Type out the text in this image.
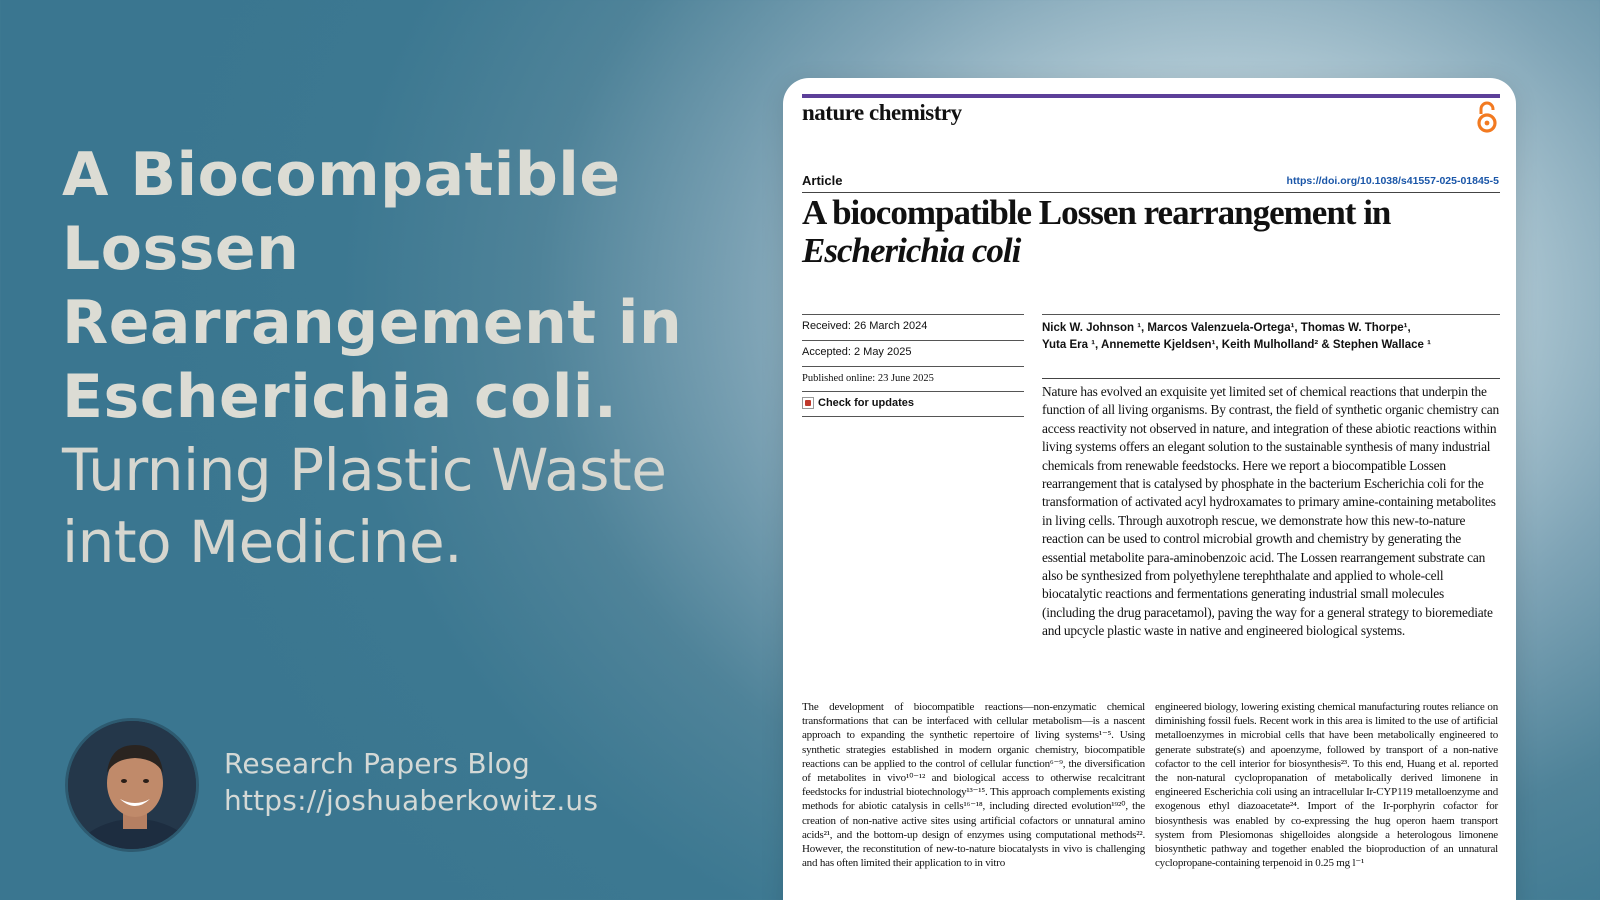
A Biocompatible Lossen Rearrangement in Escherichia coli.
Turning Plastic Waste into Medicine.
Research Papers Blog
https://joshuaberkowitz.us
nature chemistry
Article	https://doi.org/10.1038/s41557-025-01845-5
A biocompatible Lossen rearrangement in
Escherichia coli
Received: 26 March 2024
Accepted: 2 May 2025
Published online: 23 June 2025
Check for updates
Nick W. Johnson ¹, Marcos Valenzuela-Ortega¹, Thomas W. Thorpe¹,
Yuta Era ¹, Annemette Kjeldsen¹, Keith Mulholland² & Stephen Wallace ¹
Nature has evolved an exquisite yet limited set of chemical reactions that underpin the function of all living organisms. By contrast, the field of synthetic organic chemistry can access reactivity not observed in nature, and integration of these abiotic reactions within living systems offers an elegant solution to the sustainable synthesis of many industrial chemicals from renewable feedstocks. Here we report a biocompatible Lossen rearrangement that is catalysed by phosphate in the bacterium Escherichia coli for the transformation of activated acyl hydroxamates to primary amine-containing metabolites in living cells. Through auxotroph rescue, we demonstrate how this new-to-nature reaction can be used to control microbial growth and chemistry by generating the essential metabolite para-aminobenzoic acid. The Lossen rearrangement substrate can also be synthesized from polyethylene terephthalate and applied to whole-cell biocatalytic reactions and fermentations generating industrial small molecules (including the drug paracetamol), paving the way for a general strategy to bioremediate and upcycle plastic waste in native and engineered biological systems.
The development of biocompatible reactions—non-enzymatic chemical transformations that can be interfaced with cellular metabolism—is a nascent approach to expanding the synthetic repertoire of living systems¹⁻⁵. Using synthetic strategies established in modern organic chemistry, biocompatible reactions can be applied to the control of cellular function⁶⁻⁹, the diversification of metabolites in vivo¹⁰⁻¹² and biological access to otherwise recalcitrant feedstocks for industrial biotechnology¹³⁻¹⁵. This approach complements existing methods for abiotic catalysis in cells¹⁶⁻¹⁸, including directed evolution¹⁹²⁰, the creation of non-native active sites using artificial cofactors or unnatural amino acids²¹, and the bottom-up design of enzymes using computational methods²². However, the reconstitution of new-to-nature biocatalysts in vivo is challenging and has often limited their application to in vitro
engineered biology, lowering existing chemical manufacturing routes reliance on diminishing fossil fuels. Recent work in this area is limited to the use of artificial metalloenzymes in microbial cells that have been metabolically engineered to generate substrate(s) and apoenzyme, followed by transport of a non-native cofactor to the cell interior for biosynthesis²³. To this end, Huang et al. reported the non-natural cyclopropanation of metabolically derived limonene in engineered Escherichia coli using an intracellular Ir-CYP119 metalloenzyme and exogenous ethyl diazoacetate²⁴. Import of the Ir-porphyrin cofactor for biosynthesis was enabled by co-expressing the hug operon haem transport system from Plesiomonas shigelloides alongside a heterologous limonene biosynthetic pathway and together enabled the bioproduction of an unnatural cyclopropane-containing terpenoid in 0.25 mg l⁻¹
